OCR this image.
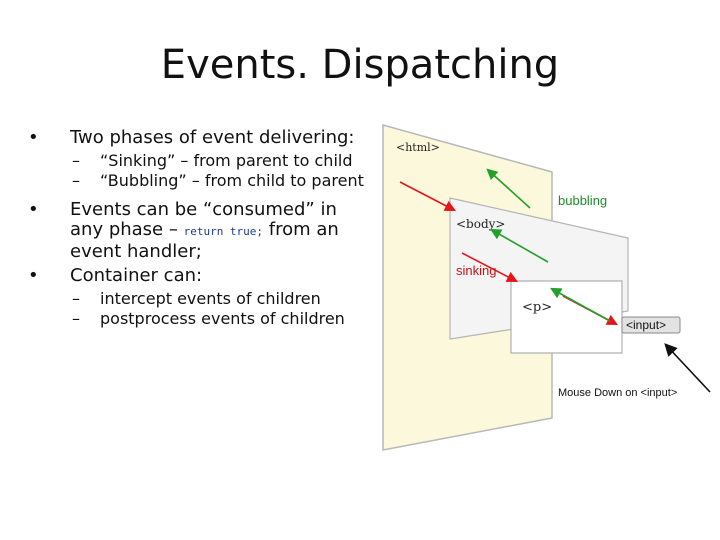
Events. Dispatching
•	Two phases of event delivering:
– “Sinking” – from parent to child
– “Bubbling” – from child to parent
•	Events can be “consumed” in any phase – return true; from an event handler;
•	Container can:
– intercept events of children
– postprocess events of children
<html>
<body>
<p>
<input>
bubbling
sinking
Mouse Down on <input>
